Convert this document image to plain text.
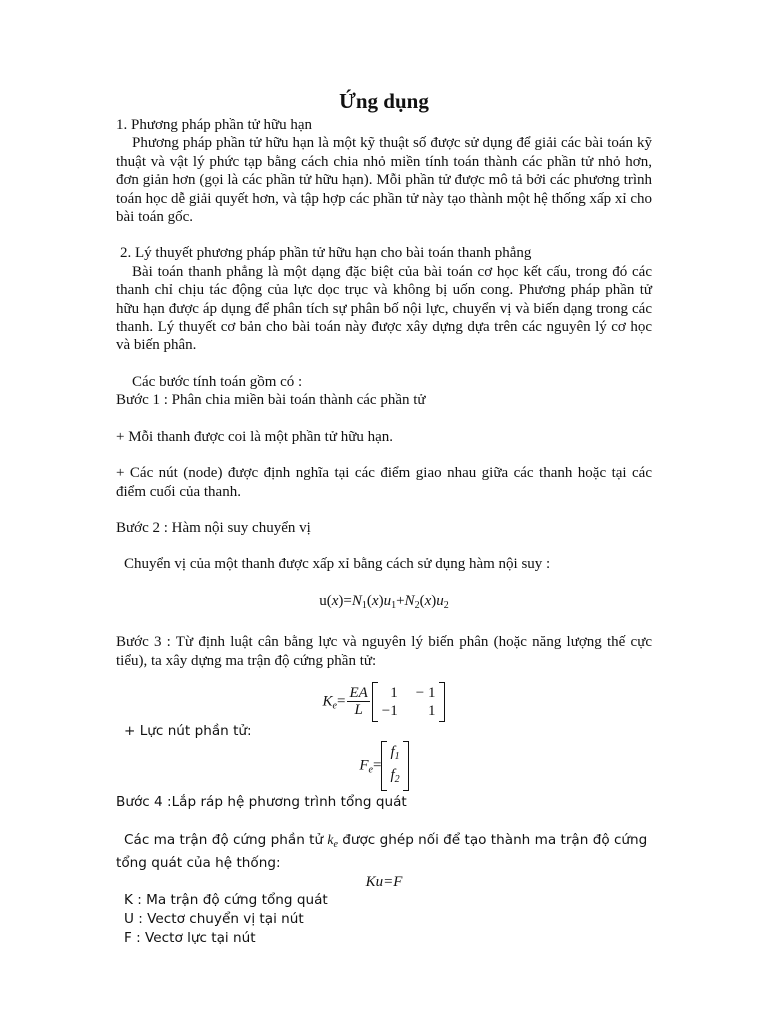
Ứng dụng

1. Phương pháp phần tử hữu hạn

Phương pháp phần tử hữu hạn là một kỹ thuật số được sử dụng để giải các bài toán kỹ thuật và vật lý phức tạp bằng cách chia nhỏ miền tính toán thành các phần tử nhỏ hơn, đơn giản hơn (gọi là các phần tử hữu hạn). Mỗi phần tử được mô tả bởi các phương trình toán học dễ giải quyết hơn, và tập hợp các phần tử này tạo thành một hệ thống xấp xỉ cho bài toán gốc.

2. Lý thuyết phương pháp phần tử hữu hạn cho bài toán thanh phẳng

Bài toán thanh phẳng là một dạng đặc biệt của bài toán cơ học kết cấu, trong đó các thanh chỉ chịu tác động của lực dọc trục và không bị uốn cong. Phương pháp phần tử hữu hạn được áp dụng để phân tích sự phân bố nội lực, chuyển vị và biến dạng trong các thanh. Lý thuyết cơ bản cho bài toán này được xây dựng dựa trên các nguyên lý cơ học và biến phân.

Các bước tính toán gồm có :

Bước 1 : Phân chia miền bài toán thành các phần tử

+ Mỗi thanh được coi là một phần tử hữu hạn.

+ Các nút (node) được định nghĩa tại các điểm giao nhau giữa các thanh hoặc tại các điểm cuối của thanh.

Bước 2 : Hàm nội suy chuyển vị

Chuyển vị của một thanh được xấp xỉ bằng cách sử dụng hàm nội suy :

$u(x)=N_1(x)u_1+N_2(x)u_2$

Bước 3 : Từ định luật cân bằng lực và nguyên lý biến phân (hoặc năng lượng thế cực tiểu), ta xây dựng ma trận độ cứng phần tử:

$K_e= \frac{EA}{L}$	1 − 1
−1	1

+ Lực nút phần tử:

$F_e=$
$f_1$
$f_2$

Bước 4 :Lắp ráp hệ phương trình tổng quát

Các ma trận độ cứng phần tử $k_e$ được ghép nối để tạo thành ma trận độ cứng tổng quát của hệ thống:

Ku=F

K : Ma trận độ cứng tổng quát

U : Vectơ chuyển vị tại nút

F : Vectơ lực tại nút
